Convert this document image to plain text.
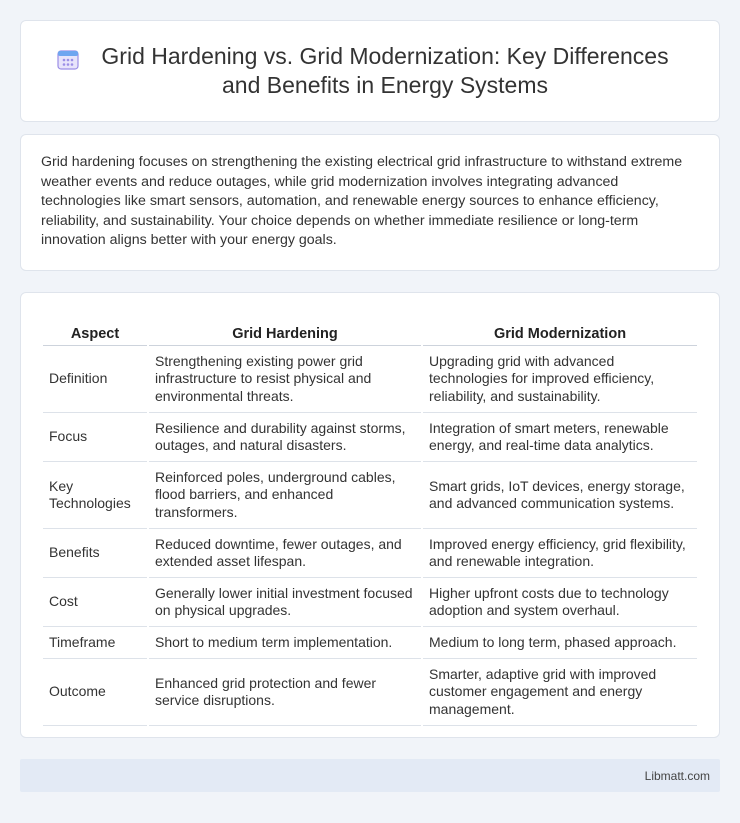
Grid Hardening vs. Grid Modernization: Key Differences and Benefits in Energy Systems

Grid hardening focuses on strengthening the existing electrical grid infrastructure to withstand extreme weather events and reduce outages, while grid modernization involves integrating advanced technologies like smart sensors, automation, and renewable energy sources to enhance efficiency, reliability, and sustainability. Your choice depends on whether immediate resilience or long-term innovation aligns better with your energy goals.

Aspect	Grid Hardening	Grid Modernization
Definition	Strengthening existing power grid infrastructure to resist physical and environmental threats.	Upgrading grid with advanced technologies for improved efficiency, reliability, and sustainability.
Focus	Resilience and durability against storms, outages, and natural disasters.	Integration of smart meters, renewable energy, and real-time data analytics.
Key Technologies	Reinforced poles, underground cables, flood barriers, and enhanced transformers.	Smart grids, IoT devices, energy storage, and advanced communication systems.
Benefits	Reduced downtime, fewer outages, and extended asset lifespan.	Improved energy efficiency, grid flexibility, and renewable integration.
Cost	Generally lower initial investment focused on physical upgrades.	Higher upfront costs due to technology adoption and system overhaul.
Timeframe	Short to medium term implementation.	Medium to long term, phased approach.
Outcome	Enhanced grid protection and fewer service disruptions.	Smarter, adaptive grid with improved customer engagement and energy management.
Libmatt.com
